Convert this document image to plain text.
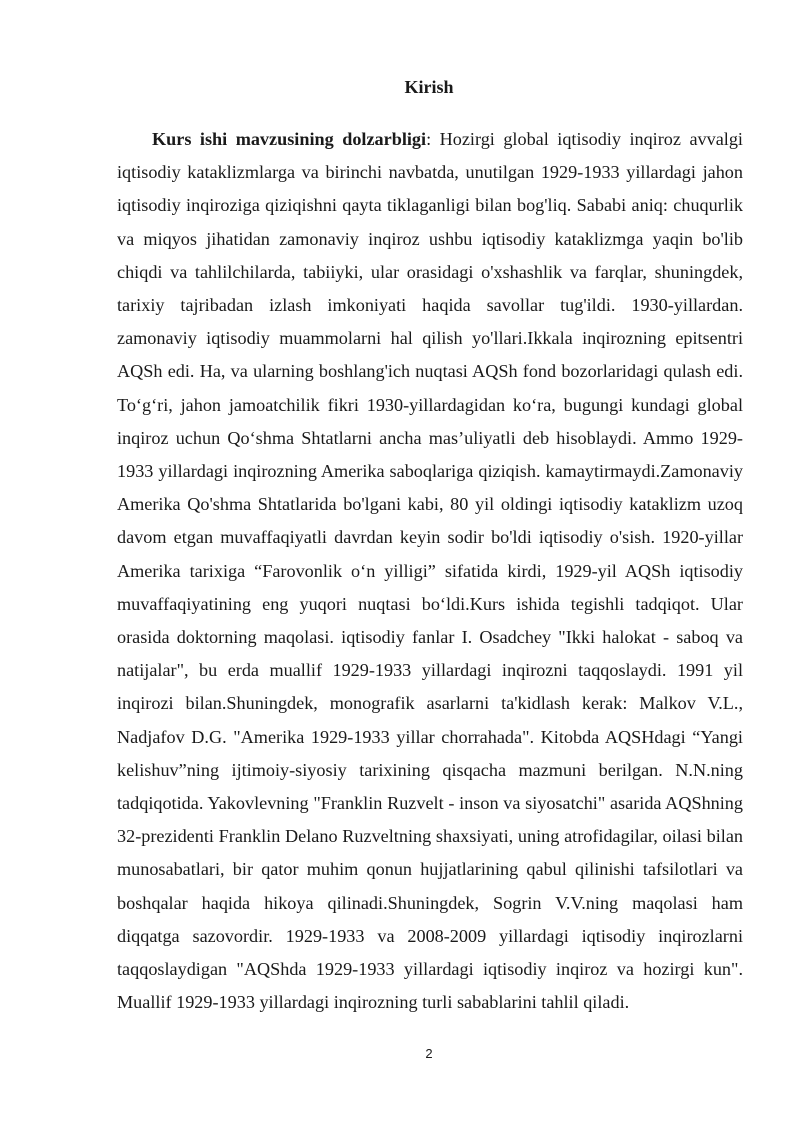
Kirish

Kurs ishi mavzusining dolzarbligi: Hozirgi global iqtisodiy inqiroz avvalgi iqtisodiy kataklizmlarga va birinchi navbatda, unutilgan 1929-1933 yillardagi jahon iqtisodiy inqiroziga qiziqishni qayta tiklaganligi bilan bog'liq. Sababi aniq: chuqurlik va miqyos jihatidan zamonaviy inqiroz ushbu iqtisodiy kataklizmga yaqin bo'lib chiqdi va tahlilchilarda, tabiiyki, ular orasidagi o'xshashlik va farqlar, shuningdek, tarixiy tajribadan izlash imkoniyati haqida savollar tug'ildi. 1930-yillardan. zamonaviy iqtisodiy muammolarni hal qilish yo'llari.Ikkala inqirozning epitsentri AQSh edi. Ha, va ularning boshlang'ich nuqtasi AQSh fond bozorlaridagi qulash edi. To‘g‘ri, jahon jamoatchilik fikri 1930-yillardagidan ko‘ra, bugungi kundagi global inqiroz uchun Qo‘shma Shtatlarni ancha mas’uliyatli deb hisoblaydi. Ammo 1929-1933 yillardagi inqirozning Amerika saboqlariga qiziqish. kamaytirmaydi.Zamonaviy Amerika Qo'shma Shtatlarida bo'lgani kabi, 80 yil oldingi iqtisodiy kataklizm uzoq davom etgan muvaffaqiyatli davrdan keyin sodir bo'ldi iqtisodiy o'sish. 1920-yillar Amerika tarixiga “Farovonlik o‘n yilligi” sifatida kirdi, 1929-yil AQSh iqtisodiy muvaffaqiyatining eng yuqori nuqtasi bo‘ldi.Kurs ishida tegishli tadqiqot. Ular orasida doktorning maqolasi. iqtisodiy fanlar I. Osadchey "Ikki halokat - saboq va natijalar", bu erda muallif 1929-1933 yillardagi inqirozni taqqoslaydi. 1991 yil inqirozi bilan.Shuningdek, monografik asarlarni ta'kidlash kerak: Malkov V.L., Nadjafov D.G. "Amerika 1929-1933 yillar chorrahada". Kitobda AQSHdagi “Yangi kelishuv”ning ijtimoiy-siyosiy tarixining qisqacha mazmuni berilgan. N.N.ning tadqiqotida. Yakovlevning "Franklin Ruzvelt - inson va siyosatchi" asarida AQShning 32-prezidenti Franklin Delano Ruzveltning shaxsiyati, uning atrofidagilar, oilasi bilan munosabatlari, bir qator muhim qonun hujjatlarining qabul qilinishi tafsilotlari va boshqalar haqida hikoya qilinadi.Shuningdek, Sogrin V.V.ning maqolasi ham diqqatga sazovordir. 1929-1933 va 2008-2009 yillardagi iqtisodiy inqirozlarni taqqoslaydigan "AQShda 1929-1933 yillardagi iqtisodiy inqiroz va hozirgi kun". Muallif 1929-1933 yillardagi inqirozning turli sabablarini tahlil qiladi.

2
